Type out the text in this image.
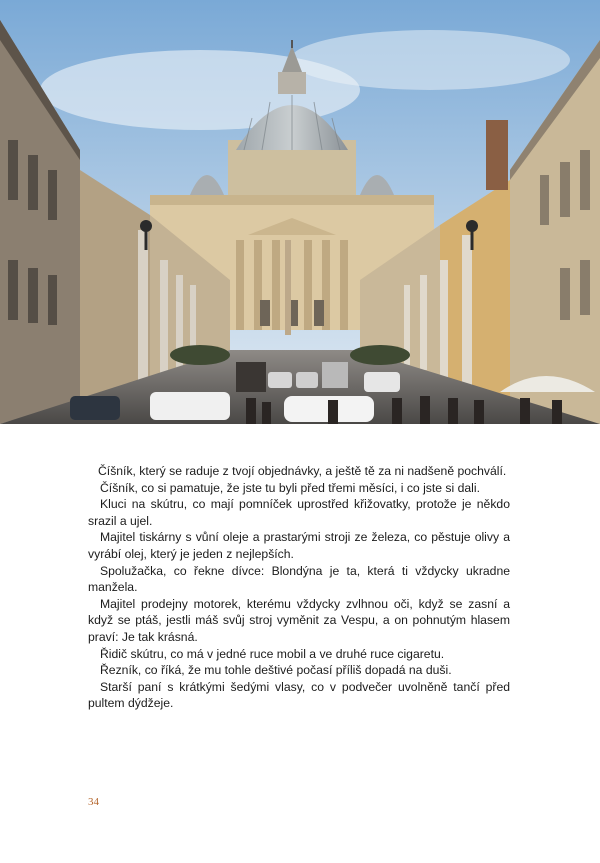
Číšník, který se raduje z tvojí objednávky, a ještě tě za ni nadšeně pochválí.

Číšník, co si pamatuje, že jste tu byli před třemi měsíci, i co jste si dali.

Kluci na skútru, co mají pomníček uprostřed křižovatky, protože je někdo srazil a ujel.

Majitel tiskárny s vůní oleje a prastarými stroji ze železa, co pěstuje olivy a vyrábí olej, který je jeden z nejlepších.

Spolužačka, co řekne dívce: Blondýna je ta, která ti vždycky ukradne manžela.

Majitel prodejny motorek, kterému vždycky zvlhnou oči, když se zasní a když se ptáš, jestli máš svůj stroj vyměnit za Vespu, a on pohnutým hlasem praví: Je tak krásná.

Řidič skútru, co má v jedné ruce mobil a ve druhé ruce cigaretu.

Řezník, co říká, že mu tohle deštivé počasí příliš dopadá na duši.

Starší paní s krátkými šedými vlasy, co v podvečer uvolněně tančí před pultem dýdžeje.

34
